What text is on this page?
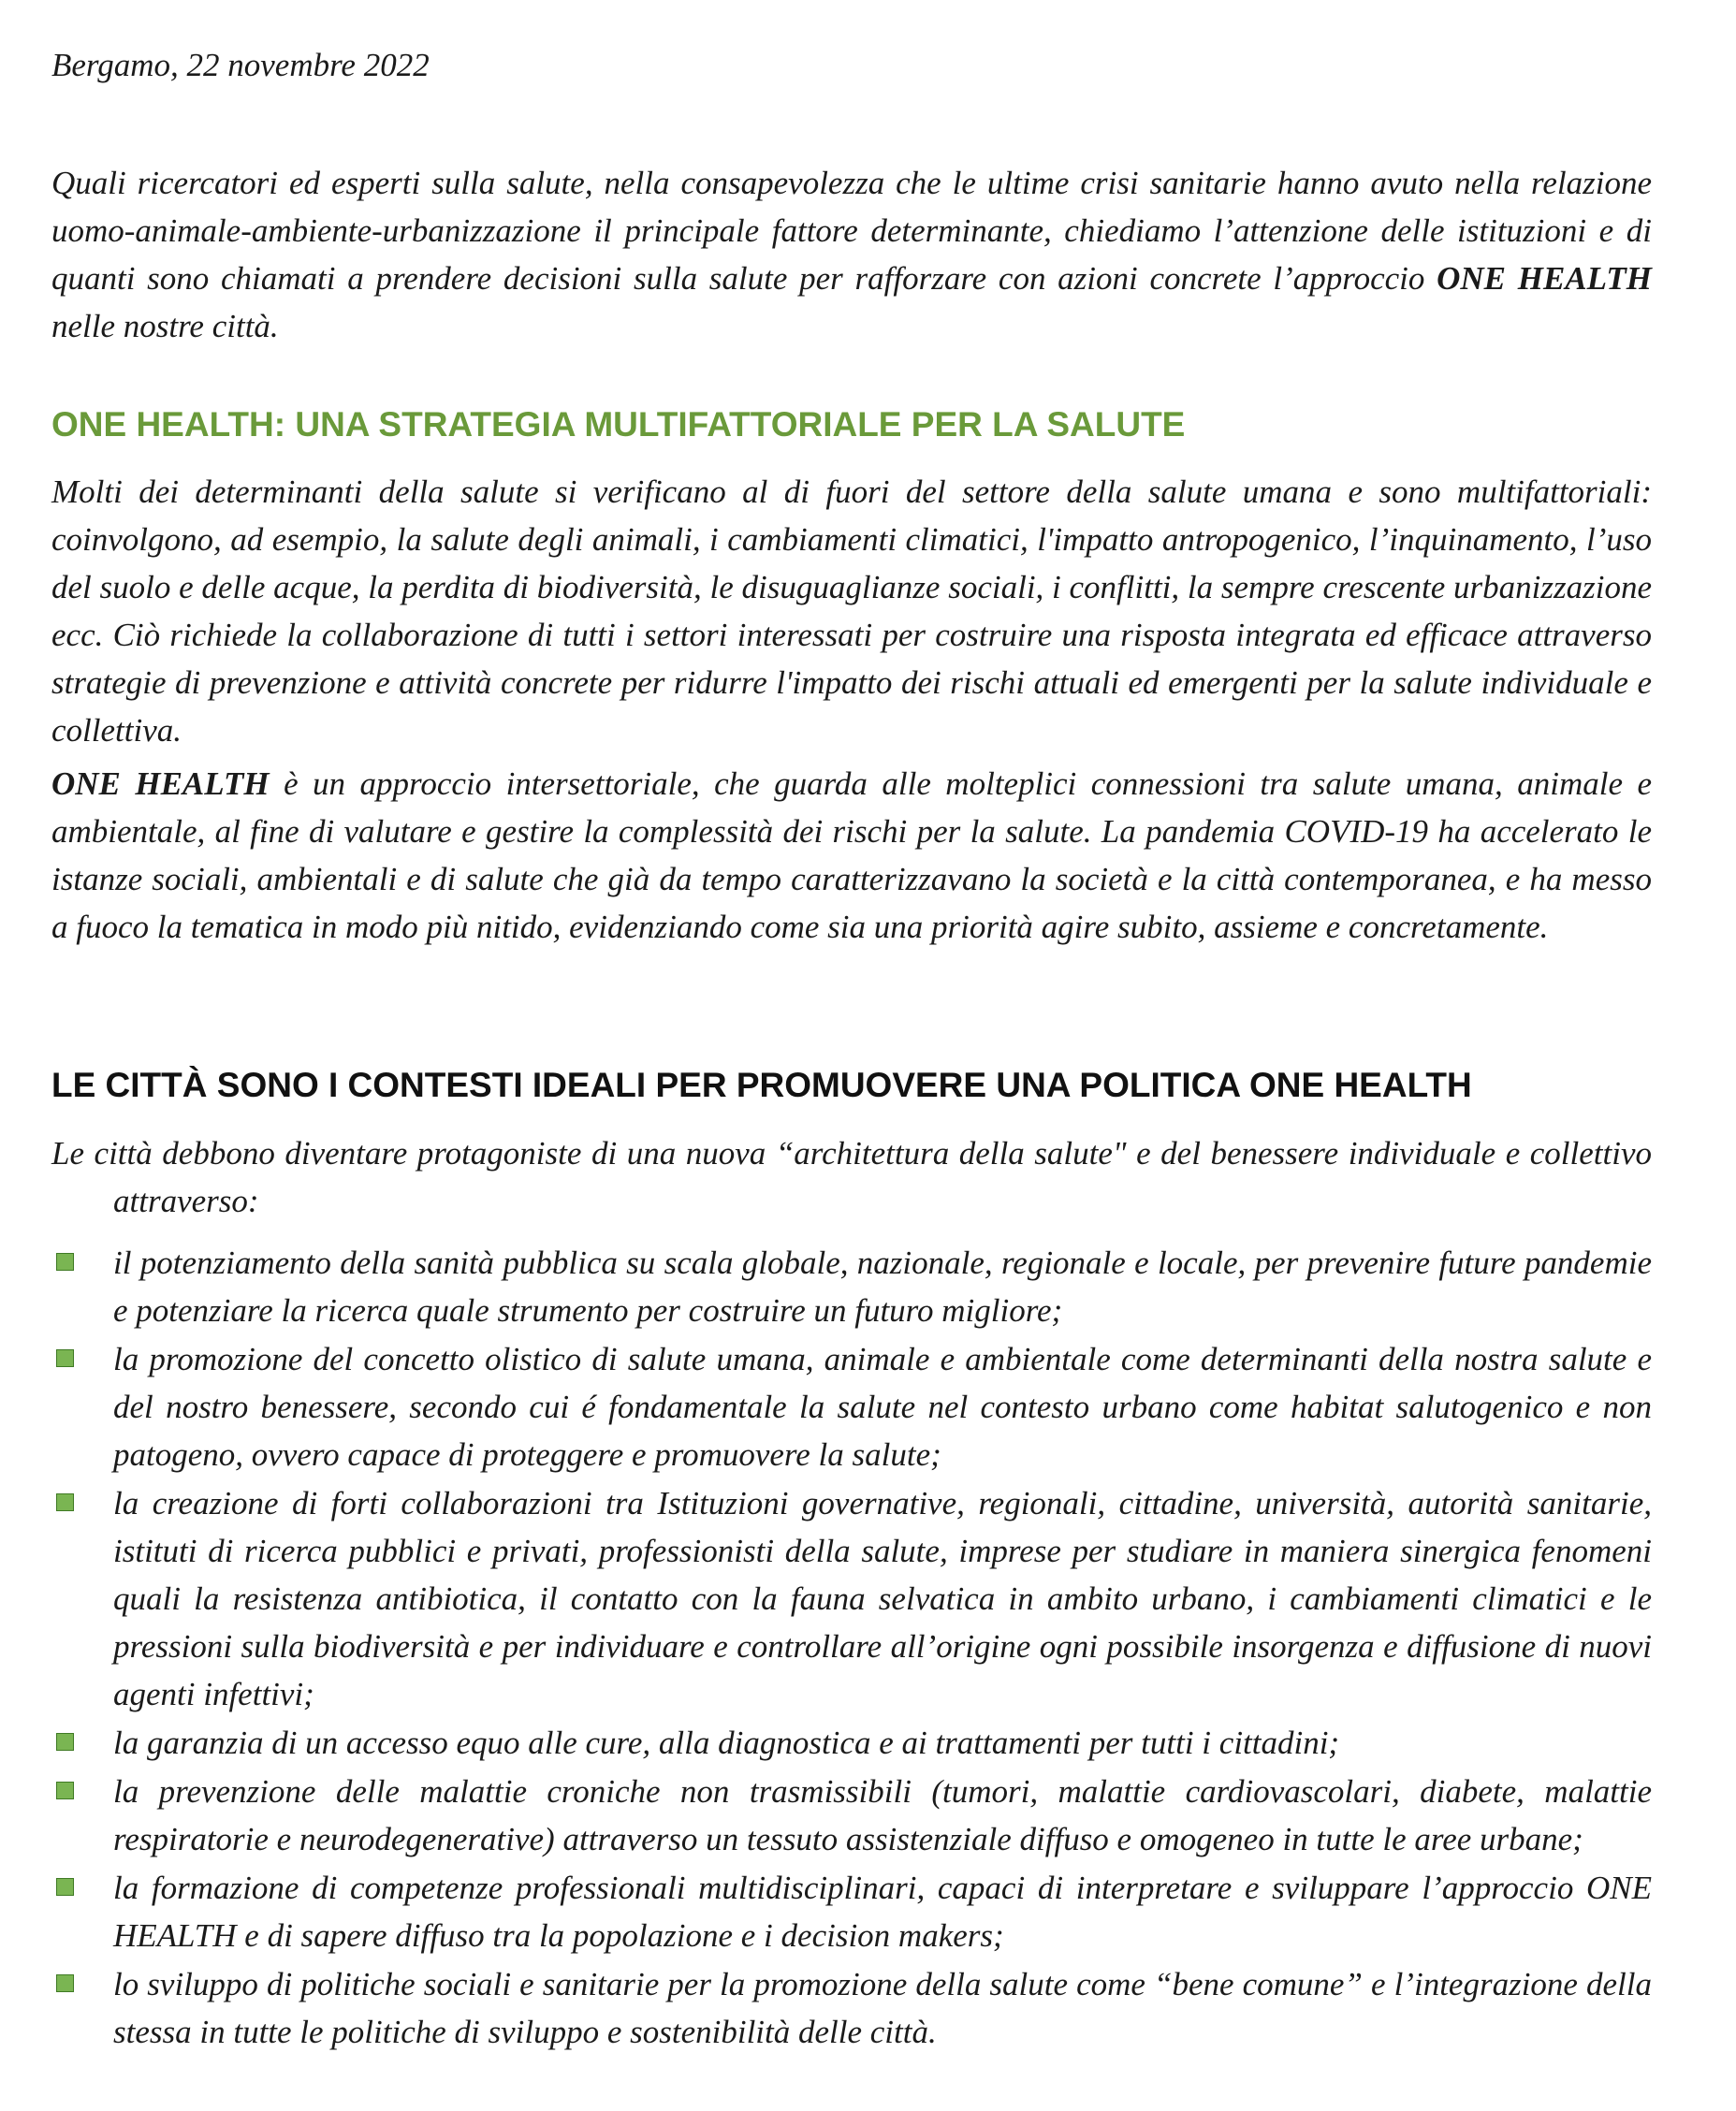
Bergamo, 22 novembre 2022

Quali ricercatori ed esperti sulla salute, nella consapevolezza che le ultime crisi sanitarie hanno avuto nella relazione uomo-animale-ambiente-urbanizzazione il principale fattore determinante, chiediamo l’attenzione delle istituzioni e di quanti sono chiamati a prendere decisioni sulla salute per rafforzare con azioni concrete l’approccio ONE HEALTH nelle nostre città.

ONE HEALTH: UNA STRATEGIA MULTIFATTORIALE PER LA SALUTE

Molti dei determinanti della salute si verificano al di fuori del settore della salute umana e sono multifattoriali: coinvolgono, ad esempio, la salute degli animali, i cambiamenti climatici, l'impatto antropogenico, l’inquinamento, l’uso del suolo e delle acque, la perdita di biodiversità, le disuguaglianze sociali, i conflitti, la sempre crescente urbanizzazione ecc. Ciò richiede la collaborazione di tutti i settori interessati per costruire una risposta integrata ed efficace attraverso strategie di prevenzione e attività concrete per ridurre l'impatto dei rischi attuali ed emergenti per la salute individuale e collettiva.

ONE HEALTH è un approccio intersettoriale, che guarda alle molteplici connessioni tra salute umana, animale e ambientale, al fine di valutare e gestire la complessità dei rischi per la salute. La pandemia COVID-19 ha accelerato le istanze sociali, ambientali e di salute che già da tempo caratterizzavano la società e la città contemporanea, e ha messo a fuoco la tematica in modo più nitido, evidenziando come sia una priorità agire subito, assieme e concretamente.

LE CITTÀ SONO I CONTESTI IDEALI PER PROMUOVERE UNA POLITICA ONE HEALTH

Le città debbono diventare protagoniste di una nuova “architettura della salute" e del benessere individuale e collettivo attraverso:

il potenziamento della sanità pubblica su scala globale, nazionale, regionale e locale, per prevenire future pandemie e potenziare la ricerca quale strumento per costruire un futuro migliore;
la promozione del concetto olistico di salute umana, animale e ambientale come determinanti della nostra salute e del nostro benessere, secondo cui é fondamentale la salute nel contesto urbano come habitat salutogenico e non patogeno, ovvero capace di proteggere e promuovere la salute;
la creazione di forti collaborazioni tra Istituzioni governative, regionali, cittadine, università, autorità sanitarie, istituti di ricerca pubblici e privati, professionisti della salute, imprese per studiare in maniera sinergica fenomeni quali la resistenza antibiotica, il contatto con la fauna selvatica in ambito urbano, i cambiamenti climatici e le pressioni sulla biodiversità e per individuare e controllare all’origine ogni possibile insorgenza e diffusione di nuovi agenti infettivi;
la garanzia di un accesso equo alle cure, alla diagnostica e ai trattamenti per tutti i cittadini;
la prevenzione delle malattie croniche non trasmissibili (tumori, malattie cardiovascolari, diabete, malattie respiratorie e neurodegenerative) attraverso un tessuto assistenziale diffuso e omogeneo in tutte le aree urbane;
la formazione di competenze professionali multidisciplinari, capaci di interpretare e sviluppare l’approccio ONE HEALTH e di sapere diffuso tra la popolazione e i decision makers;
lo sviluppo di politiche sociali e sanitarie per la promozione della salute come “bene comune” e l’integrazione della stessa in tutte le politiche di sviluppo e sostenibilità delle città.
